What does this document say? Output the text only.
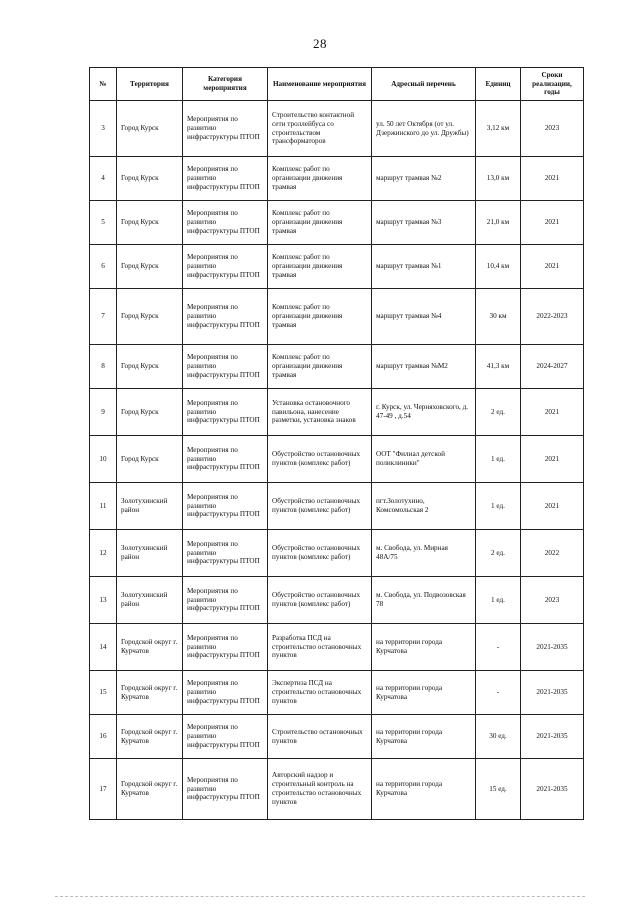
28
№	Территория	Категория мероприятия	Наименование мероприятия	Адресный перечень	Единиц	Сроки реализации, годы
3	Город Курск	Мероприятия по развитию инфраструктуры ПТОП	Строительство контактной сети троллейбуса со строительством трансформаторов	ул. 50 лет Октября (от ул. Дзержинского до ул. Дружбы)	3,12 км	2023
4	Город Курск	Мероприятия по развитию инфраструктуры ПТОП	Комплекс работ по организации движения трамвая	маршрут трамвая №2	13,0 км	2021
5	Город Курск	Мероприятия по развитию инфраструктуры ПТОП	Комплекс работ по организации движения трамвая	маршрут трамвая №3	21,0 км	2021
6	Город Курск	Мероприятия по развитию инфраструктуры ПТОП	Комплекс работ по организации движения трамвая	маршрут трамвая №1	10,4 км	2021
7	Город Курск	Мероприятия по развитию инфраструктуры ПТОП	Комплекс работ по организации движения трамвая	маршрут трамвая №4	30 км	2022-2023
8	Город Курск	Мероприятия по развитию инфраструктуры ПТОП	Комплекс работ по организации движения трамвая	маршрут трамвая №М2	41,3 км	2024-2027
9	Город Курск	Мероприятия по развитию инфраструктуры ПТОП	Установка остановочного павильона, нанесение разметки, установка знаков	г. Курск, ул. Черняховского, д. 47-49 , д.54	2 ед.	2021
10	Город Курск	Мероприятия по развитию инфраструктуры ПТОП	Обустройство остановочных пунктов (комплекс работ)	ООТ "Филиал детской поликлиники"	1 ед.	2021
11	Золотухинский район	Мероприятия по развитию инфраструктуры ПТОП	Обустройство остановочных пунктов (комплекс работ)	пгт.Золотухино, Комсомольская 2	1 ед.	2021
12	Золотухинский район	Мероприятия по развитию инфраструктуры ПТОП	Обустройство остановочных пунктов (комплекс работ)	м. Свобода, ул. Мирная 48А/75	2 ед.	2022
13	Золотухинский район	Мероприятия по развитию инфраструктуры ПТОП	Обустройство остановочных пунктов (комплекс работ)	м. Свобода, ул. Подвозовская 78	1 ед.	2023
14	Городской округ г. Курчатов	Мероприятия по развитию инфраструктуры ПТОП	Разработка ПСД на строительство остановочных пунктов	на территории города Курчатова	-	2021-2035
15	Городской округ г. Курчатов	Мероприятия по развитию инфраструктуры ПТОП	Экспертиза ПСД на строительство остановочных пунктов	на территории города Курчатова	-	2021-2035
16	Городской округ г. Курчатов	Мероприятия по развитию инфраструктуры ПТОП	Строительство остановочных пунктов	на территории города Курчатова	30 ед.	2021-2035
17	Городской округ г. Курчатов	Мероприятия по развитию инфраструктуры ПТОП	Авторский надзор и строительный контроль на строительство остановочных пунктов	на территории города Курчатова	15 ед.	2021-2035
